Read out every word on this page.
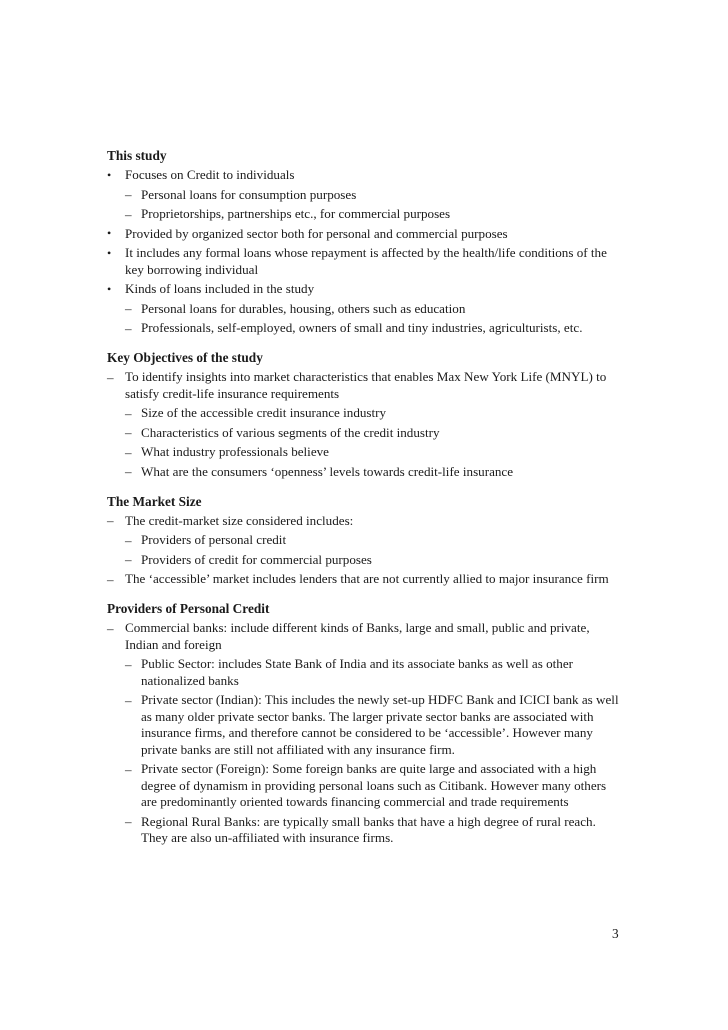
This study
• Focuses on Credit to individuals
– Personal loans for consumption purposes
– Proprietorships, partnerships etc., for commercial purposes
• Provided by organized sector both for personal and commercial purposes
• It includes any formal loans whose repayment is affected by the health/life conditions of the key borrowing individual
• Kinds of loans included in the study
– Personal loans for durables, housing, others such as education
– Professionals, self-employed, owners of small and tiny industries, agriculturists, etc.
Key Objectives of the study
– To identify insights into market characteristics that enables Max New York Life (MNYL) to satisfy credit-life insurance requirements
– Size of the accessible credit insurance industry
– Characteristics of various segments of the credit industry
– What industry professionals believe
– What are the consumers ‘openness’ levels towards credit-life insurance
The Market Size
– The credit-market size considered includes:
– Providers of personal credit
– Providers of credit for commercial purposes
– The ‘accessible’ market includes lenders that are not currently allied to major insurance firm
Providers of Personal Credit
– Commercial banks: include different kinds of Banks, large and small, public and private, Indian and foreign
– Public Sector: includes State Bank of India and its associate banks as well as other nationalized banks
– Private sector (Indian): This includes the newly set-up HDFC Bank and ICICI bank as well as many older private sector banks. The larger private sector banks are associated with insurance firms, and therefore cannot be considered to be ‘accessible’. However many private banks are still not affiliated with any insurance firm.
– Private sector (Foreign): Some foreign banks are quite large and associated with a high degree of dynamism in providing personal loans such as Citibank. However many others are predominantly oriented towards financing commercial and trade requirements
– Regional Rural Banks: are typically small banks that have a high degree of rural reach. They are also un-affiliated with insurance firms.
3
